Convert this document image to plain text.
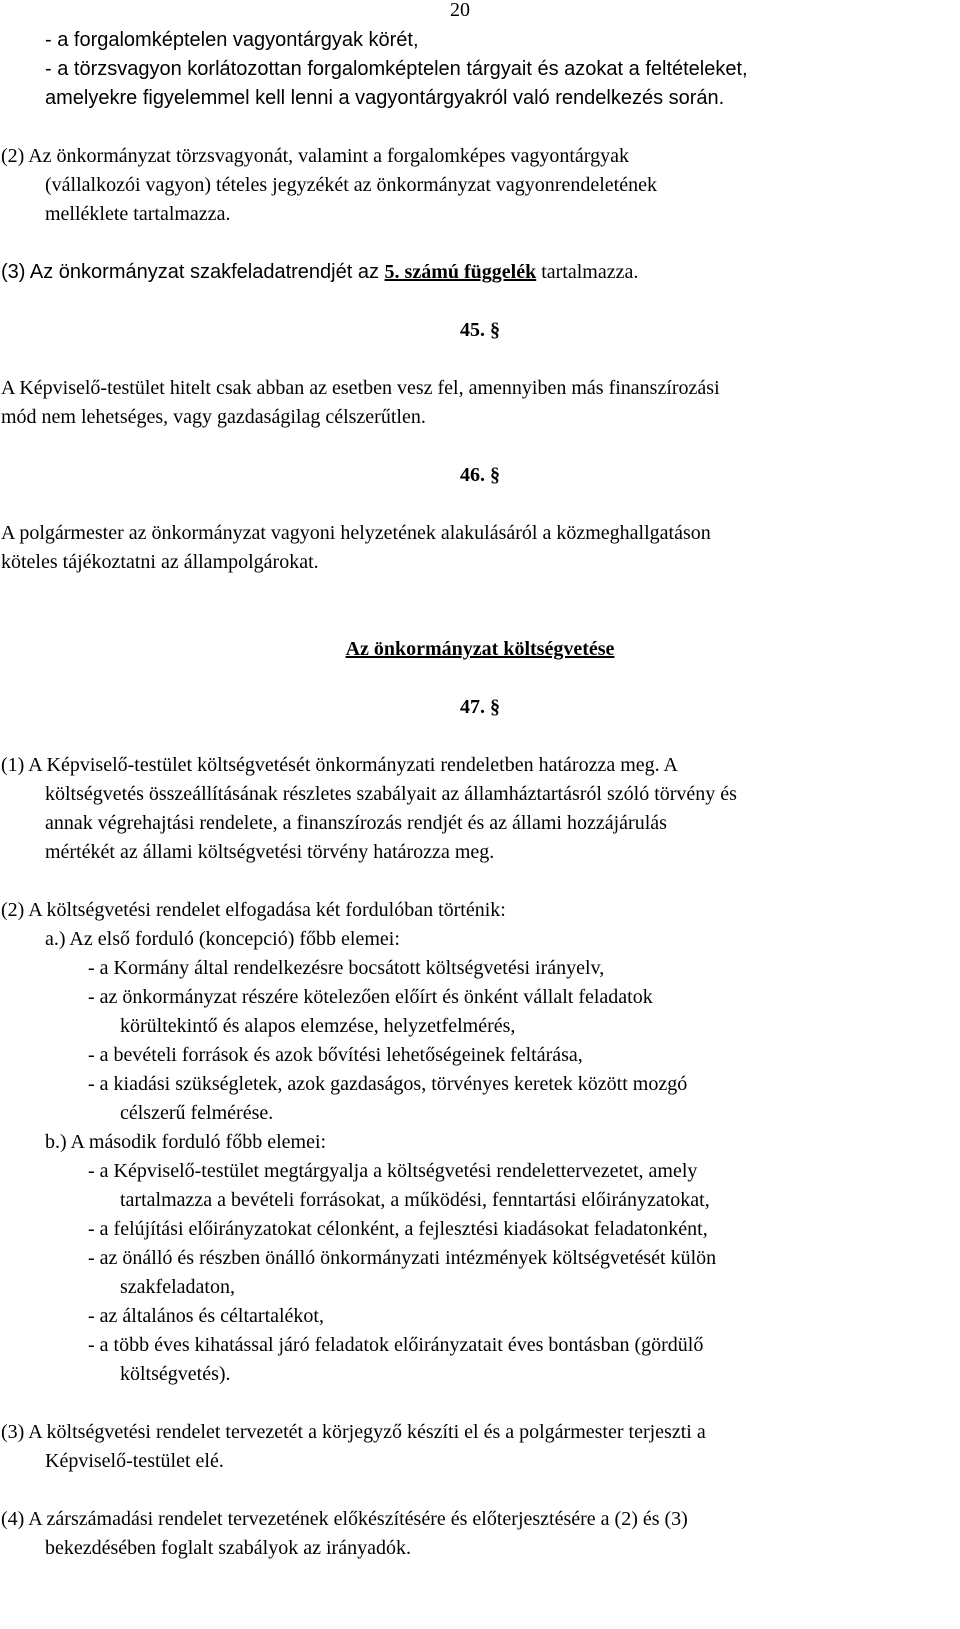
20
- a forgalomképtelen vagyontárgyak körét,
- a törzsvagyon korlátozottan forgalomképtelen tárgyait és azokat a feltételeket,
amelyekre figyelemmel kell lenni a vagyontárgyakról való rendelkezés során.
(2) Az önkormányzat törzsvagyonát, valamint a forgalomképes vagyontárgyak
(vállalkozói vagyon) tételes jegyzékét az önkormányzat vagyonrendeletének
melléklete tartalmazza.
(3) Az önkormányzat szakfeladatrendjét az 5. számú függelék tartalmazza.
45. §
A Képviselő-testület hitelt csak abban az esetben vesz fel, amennyiben más finanszírozási
mód nem lehetséges, vagy gazdaságilag célszerűtlen.
46. §
A polgármester az önkormányzat vagyoni helyzetének alakulásáról a közmeghallgatáson
köteles tájékoztatni az állampolgárokat.
Az önkormányzat költségvetése
47. §
(1) A Képviselő-testület költségvetését önkormányzati rendeletben határozza meg. A
költségvetés összeállításának részletes szabályait az államháztartásról szóló törvény és
annak végrehajtási rendelete, a finanszírozás rendjét és az állami hozzájárulás
mértékét az állami költségvetési törvény határozza meg.
(2) A költségvetési rendelet elfogadása két fordulóban történik:
a.) Az első forduló (koncepció) főbb elemei:
- a Kormány által rendelkezésre bocsátott költségvetési irányelv,
- az önkormányzat részére kötelezően előírt és önként vállalt feladatok
körültekintő és alapos elemzése, helyzetfelmérés,
- a bevételi források és azok bővítési lehetőségeinek feltárása,
- a kiadási szükségletek, azok gazdaságos, törvényes keretek között mozgó
célszerű felmérése.
b.) A második forduló főbb elemei:
- a Képviselő-testület megtárgyalja a költségvetési rendelettervezetet, amely
tartalmazza a bevételi forrásokat, a működési, fenntartási előirányzatokat,
- a felújítási előirányzatokat célonként, a fejlesztési kiadásokat feladatonként,
- az önálló és részben önálló önkormányzati intézmények költségvetését külön
szakfeladaton,
- az általános és céltartalékot,
- a több éves kihatással járó feladatok előirányzatait éves bontásban (gördülő
költségvetés).
(3) A költségvetési rendelet tervezetét a körjegyző készíti el és a polgármester terjeszti a
Képviselő-testület elé.
(4) A zárszámadási rendelet tervezetének előkészítésére és előterjesztésére a (2) és (3)
bekezdésében foglalt szabályok az irányadók.
